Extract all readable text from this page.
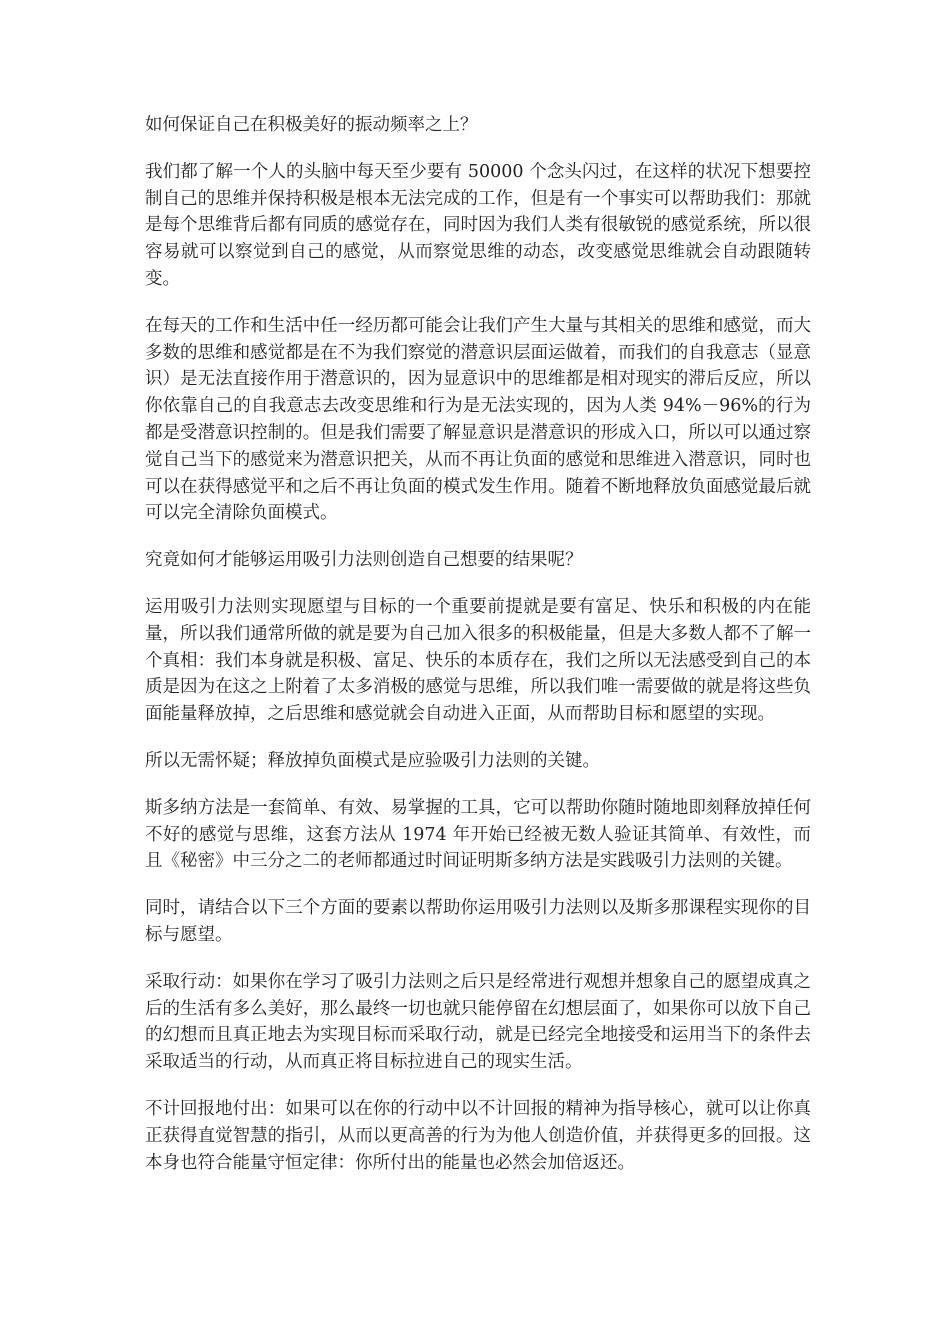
如何保证自己在积极美好的振动频率之上？

我们都了解一个人的头脑中每天至少要有 50000 个念头闪过，在这样的状况下想要控制自己的思维并保持积极是根本无法完成的工作，但是有一个事实可以帮助我们：那就是每个思维背后都有同质的感觉存在，同时因为我们人类有很敏锐的感觉系统，所以很容易就可以察觉到自己的感觉，从而察觉思维的动态，改变感觉思维就会自动跟随转变。

在每天的工作和生活中任一经历都可能会让我们产生大量与其相关的思维和感觉，而大多数的思维和感觉都是在不为我们察觉的潜意识层面运做着，而我们的自我意志（显意识）是无法直接作用于潜意识的，因为显意识中的思维都是相对现实的滞后反应，所以你依靠自己的自我意志去改变思维和行为是无法实现的，因为人类 94%－96%的行为都是受潜意识控制的。但是我们需要了解显意识是潜意识的形成入口，所以可以通过察觉自己当下的感觉来为潜意识把关，从而不再让负面的感觉和思维进入潜意识，同时也可以在获得感觉平和之后不再让负面的模式发生作用。随着不断地释放负面感觉最后就可以完全清除负面模式。

究竟如何才能够运用吸引力法则创造自己想要的结果呢？

运用吸引力法则实现愿望与目标的一个重要前提就是要有富足、快乐和积极的内在能量，所以我们通常所做的就是要为自己加入很多的积极能量，但是大多数人都不了解一个真相：我们本身就是积极、富足、快乐的本质存在，我们之所以无法感受到自己的本质是因为在这之上附着了太多消极的感觉与思维，所以我们唯一需要做的就是将这些负面能量释放掉，之后思维和感觉就会自动进入正面，从而帮助目标和愿望的实现。

所以无需怀疑；释放掉负面模式是应验吸引力法则的关键。

斯多纳方法是一套简单、有效、易掌握的工具，它可以帮助你随时随地即刻释放掉任何不好的感觉与思维，这套方法从 1974 年开始已经被无数人验证其简单、有效性，而且《秘密》中三分之二的老师都通过时间证明斯多纳方法是实践吸引力法则的关键。

同时，请结合以下三个方面的要素以帮助你运用吸引力法则以及斯多那课程实现你的目标与愿望。

采取行动：如果你在学习了吸引力法则之后只是经常进行观想并想象自己的愿望成真之后的生活有多么美好，那么最终一切也就只能停留在幻想层面了，如果你可以放下自己的幻想而且真正地去为实现目标而采取行动，就是已经完全地接受和运用当下的条件去采取适当的行动，从而真正将目标拉进自己的现实生活。

不计回报地付出：如果可以在你的行动中以不计回报的精神为指导核心，就可以让你真正获得直觉智慧的指引，从而以更高善的行为为他人创造价值，并获得更多的回报。这本身也符合能量守恒定律：你所付出的能量也必然会加倍返还。
